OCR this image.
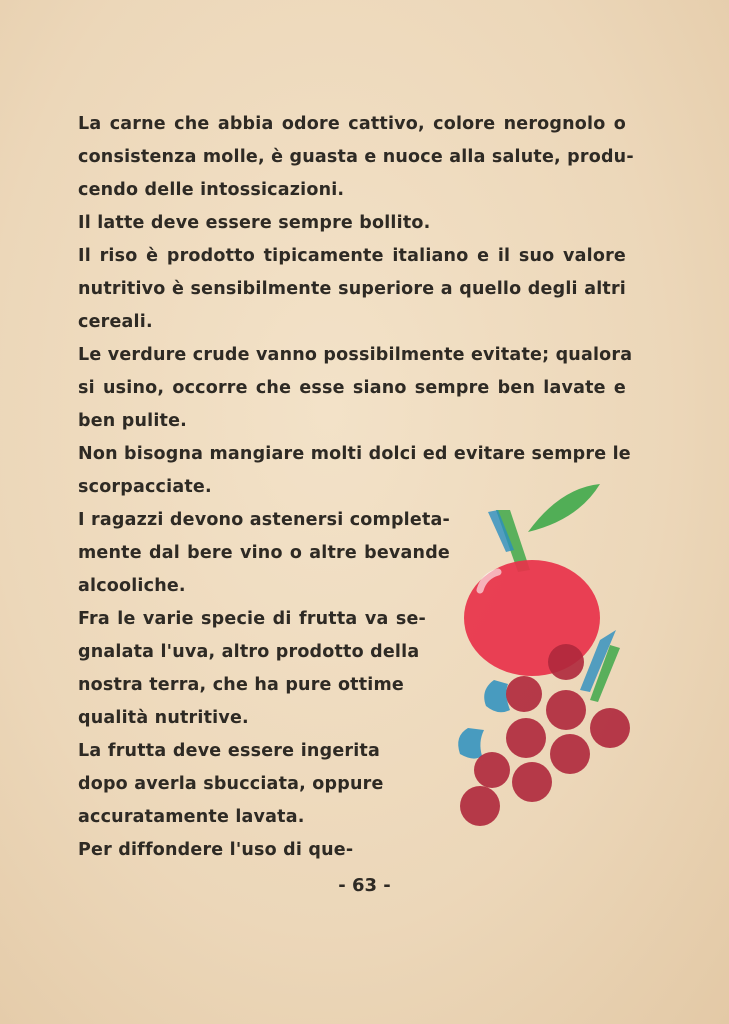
La carne che abbia odore cattivo, colore nerognolo o
consistenza molle, è guasta e nuoce alla salute, produ-
cendo delle intossicazioni.
Il latte deve essere sempre bollito.
Il riso è prodotto tipicamente italiano e il suo valore
nutritivo è sensibilmente superiore a quello degli altri
cereali.
Le verdure crude vanno possibilmente evitate; qualora
si usino, occorre che esse siano sempre ben lavate e
ben pulite.
Non bisogna mangiare molti dolci ed evitare sempre le
scorpacciate.
I ragazzi devono astenersi completa-
mente dal bere vino o altre bevande
alcooliche.
Fra le varie specie di frutta va se-
gnalata l'uva, altro prodotto della
nostra terra, che ha pure ottime
qualità nutritive.
La frutta deve essere ingerita
dopo averla sbucciata, oppure
accuratamente lavata.
Per diffondere l'uso di que-
- 63 -
